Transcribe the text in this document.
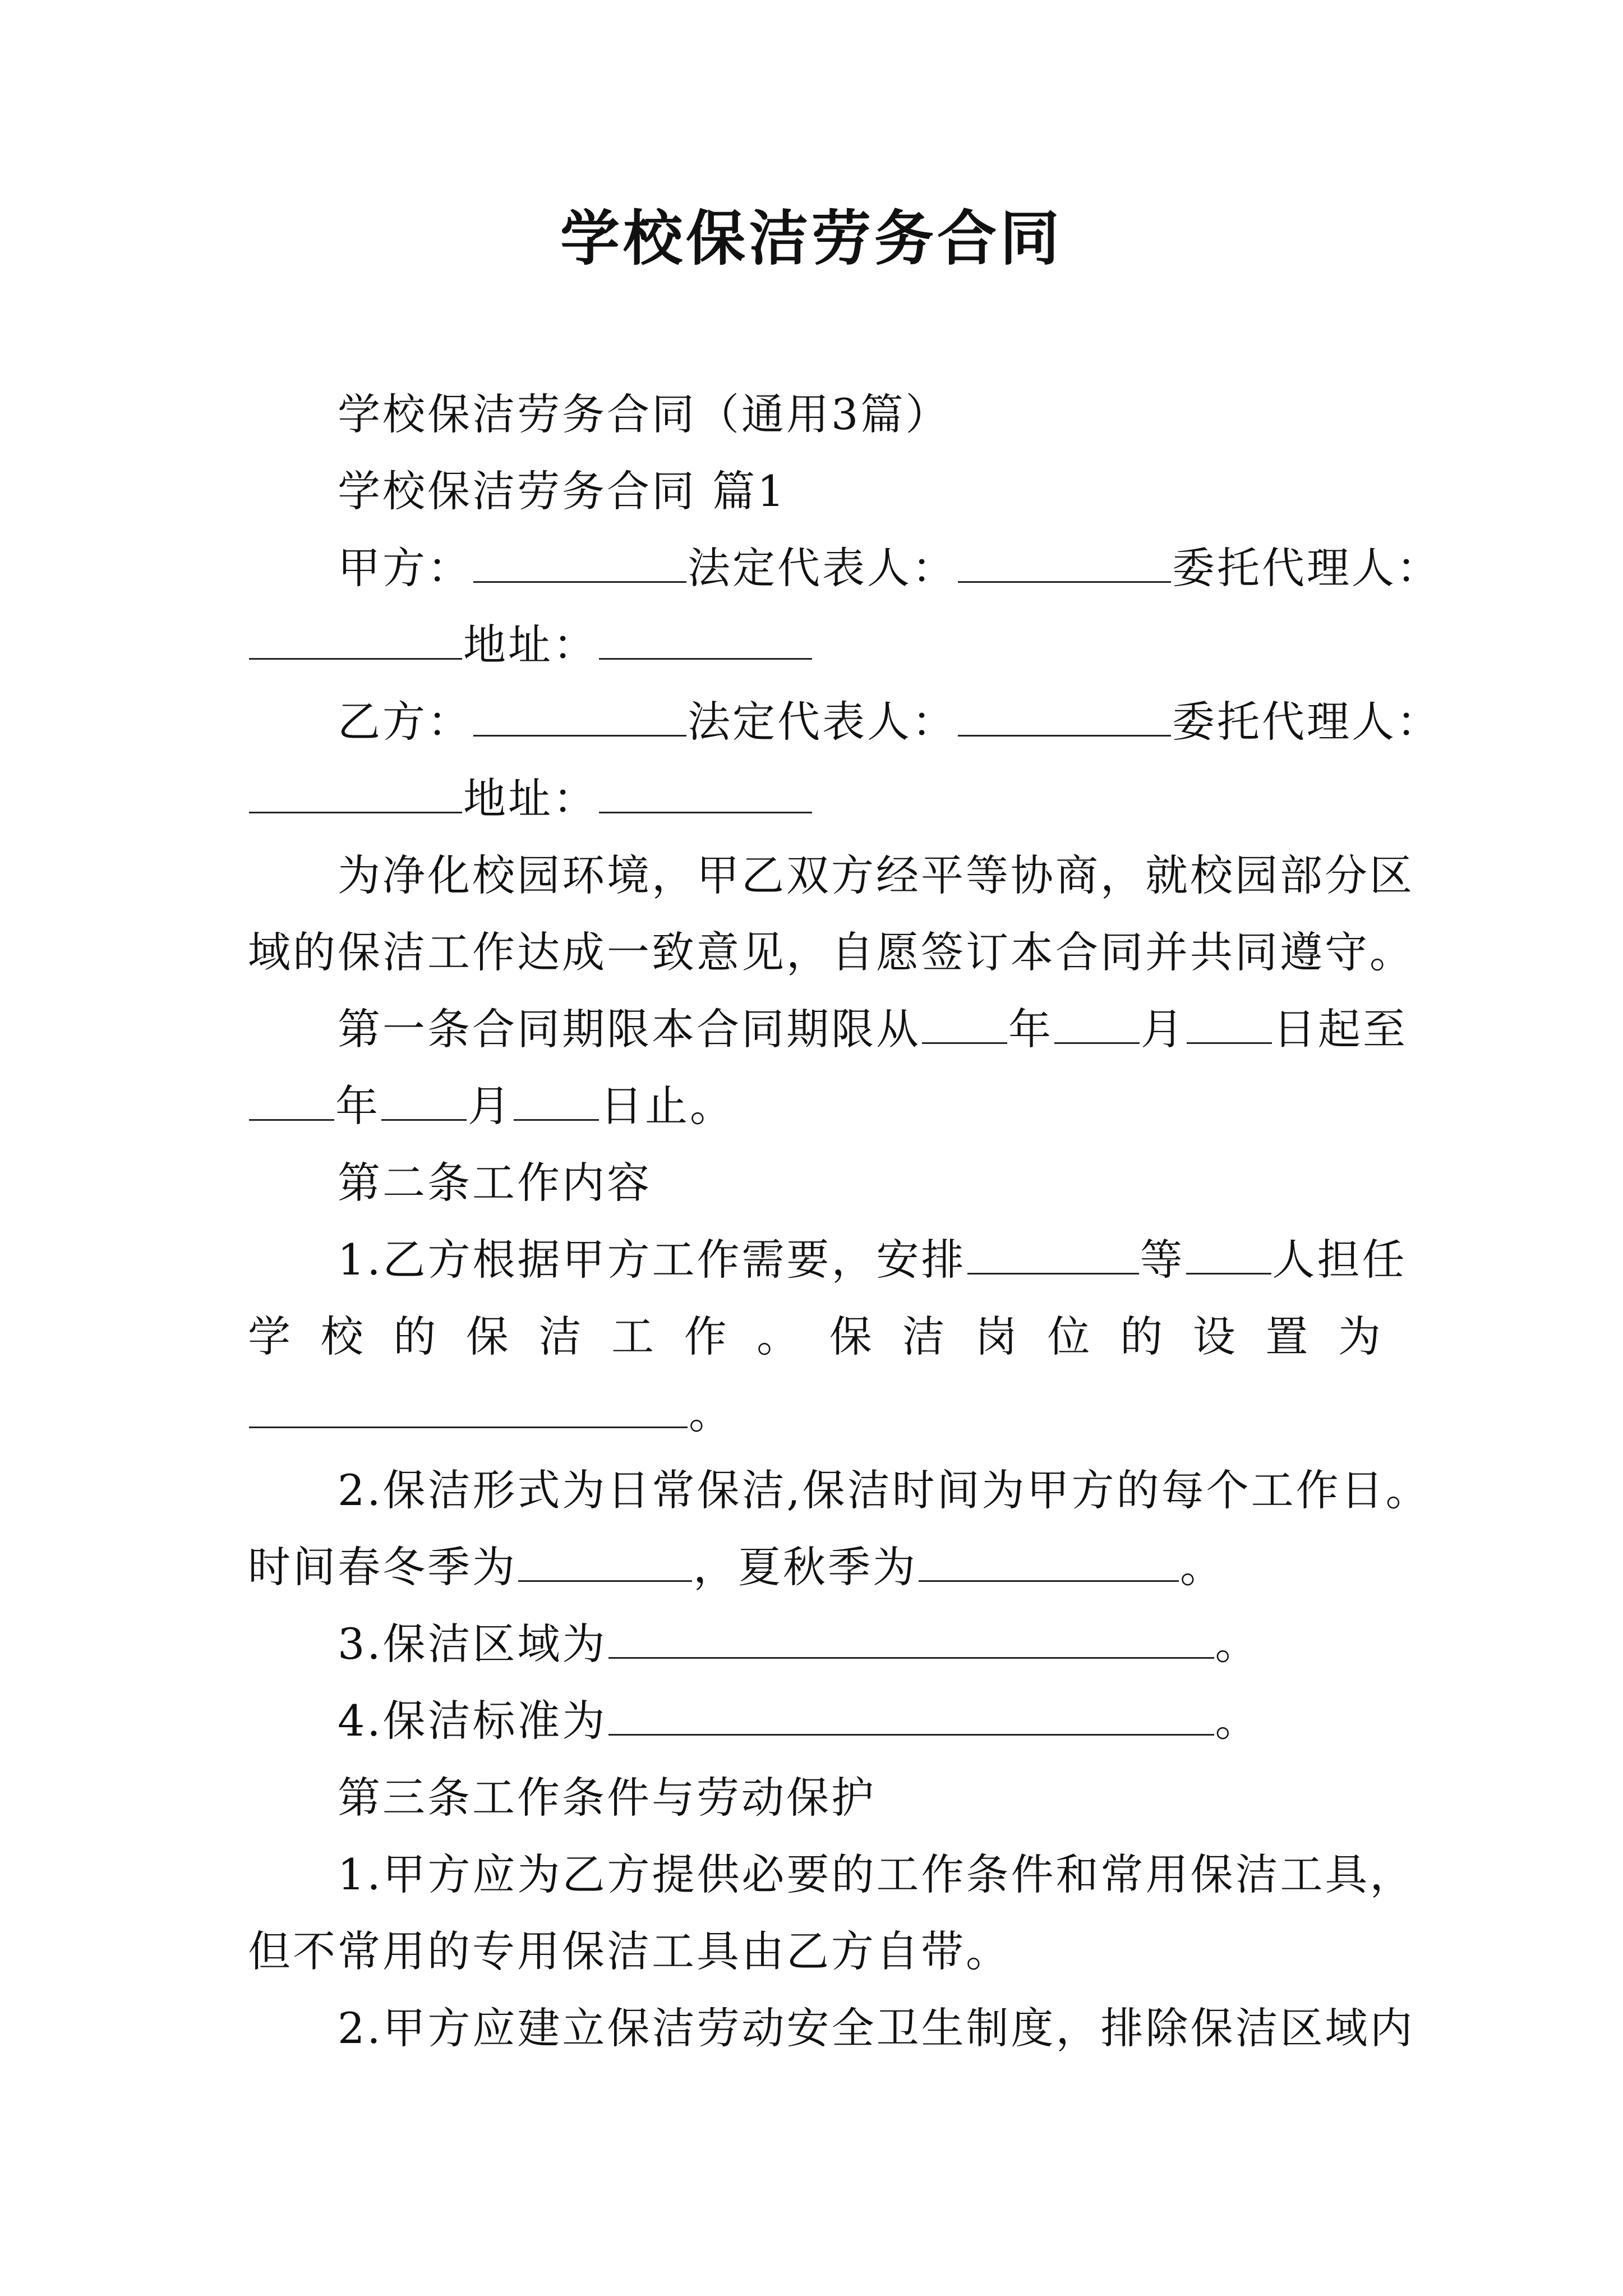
学校保洁劳务合同
学校保洁劳务合同（通用3篇）
学校保洁劳务合同 篇1
甲方：	法定代表人：	委托代理人：
地址：
乙方：	法定代表人：	委托代理人：
地址：
为净化校园环境，甲乙双方经平等协商，就校园部分区
域的保洁工作达成一致意见，自愿签订本合同并共同遵守。
第一条合同期限本合同期限从 年 月 日起至
年 月 日止。
第二条工作内容
1.乙方根据甲方工作需要，安排	等 人担任
学 校 的 保 洁 工 作 。 保 洁 岗 位 的 设 置 为
。
2.保洁形式为日常保洁,保洁时间为甲方的每个工作日。
时间春冬季为	，夏秋季为	。
3.保洁区域为	。
4.保洁标准为	。
第三条工作条件与劳动保护
1.甲方应为乙方提供必要的工作条件和常用保洁工具，
但不常用的专用保洁工具由乙方自带。
2.甲方应建立保洁劳动安全卫生制度，排除保洁区域内
